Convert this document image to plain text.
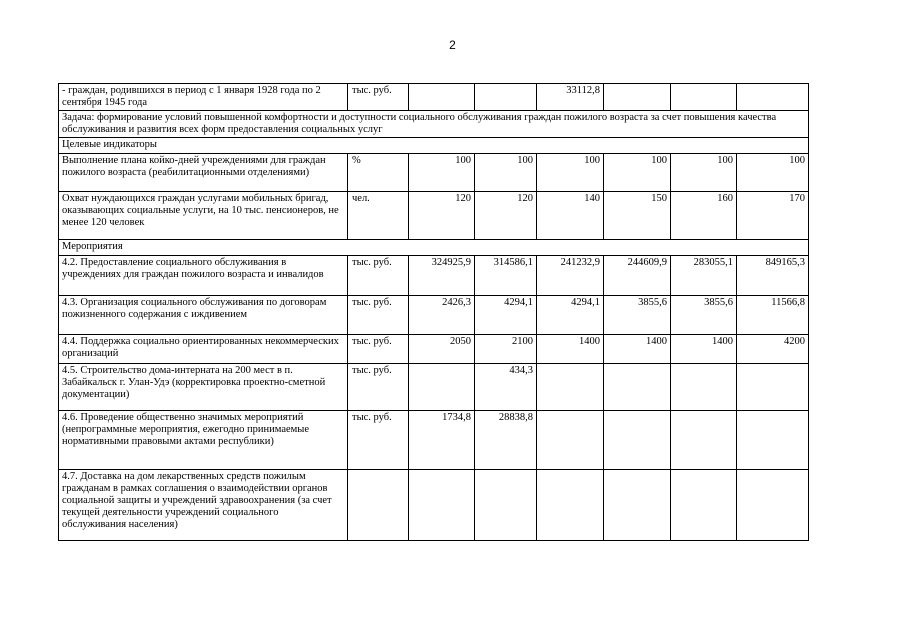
2
- граждан, родившихся в период с 1 января 1928 года по 2 сентября 1945 года	тыс. руб.			33112,8			
Задача: формирование условий повышенной комфортности и доступности социального обслуживания граждан пожилого возраста за счет повышения качества обслуживания и развития всех форм предоставления социальных услуг							
Целевые индикаторы							
Выполнение плана койко-дней учреждениями для граждан пожилого возраста (реабилитационными отделениями)	%	100	100	100	100	100	100
Охват нуждающихся граждан услугами мобильных бригад, оказывающих социальные услуги, на 10 тыс. пенсионеров, не менее 120 человек	чел.	120	120	140	150	160	170
Мероприятия							
4.2. Предоставление социального обслуживания в учреждениях для граждан пожилого возраста и инвалидов	тыс. руб.	324925,9	314586,1	241232,9	244609,9	283055,1	849165,3
4.3. Организация социального обслуживания по договорам пожизненного содержания с иждивением	тыс. руб.	2426,3	4294,1	4294,1	3855,6	3855,6	11566,8
4.4. Поддержка социально ориентированных некоммерческих организаций	тыс. руб.	2050	2100	1400	1400	1400	4200
4.5. Строительство дома-интерната на 200 мест в п. Забайкальск г. Улан-Удэ (корректировка проектно-сметной документации)	тыс. руб.		434,3				
4.6. Проведение общественно значимых мероприятий (непрограммные мероприятия, ежегодно принимаемые нормативными правовыми актами республики)	тыс. руб.	1734,8	28838,8				
4.7. Доставка на дом лекарственных средств пожилым гражданам в рамках соглашения о взаимодействии органов социальной защиты и учреждений здравоохранения (за счет текущей деятельности учреждений социального обслуживания населения)							
